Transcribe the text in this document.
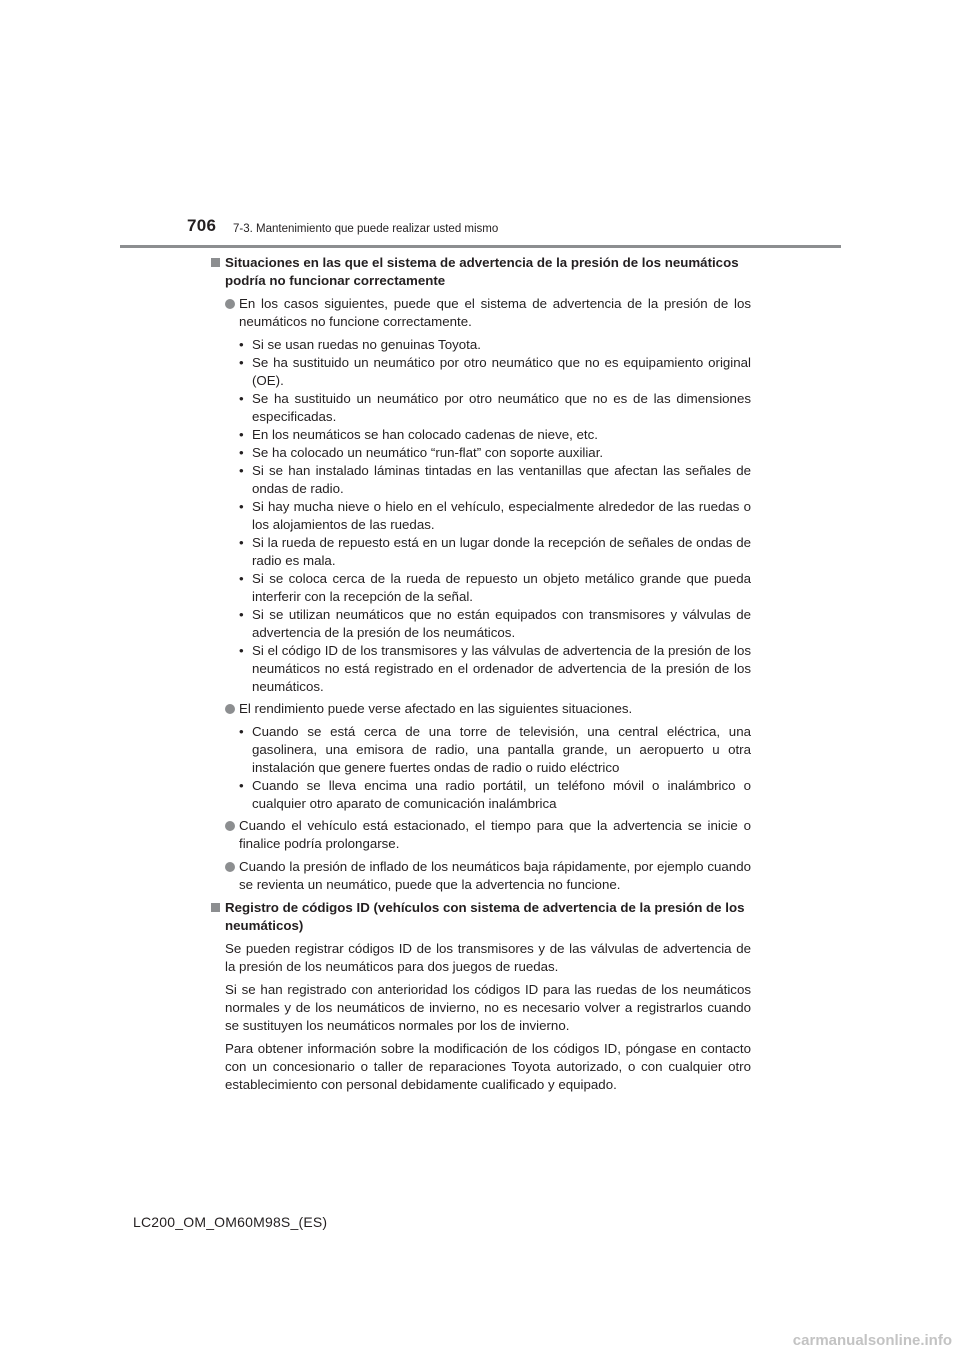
706 7-3. Mantenimiento que puede realizar usted mismo
Situaciones en las que el sistema de advertencia de la presión de los neumáticos podría no funcionar correctamente
En los casos siguientes, puede que el sistema de advertencia de la presión de los neumáticos no funcione correctamente.
• Si se usan ruedas no genuinas Toyota.
• Se ha sustituido un neumático por otro neumático que no es equipamiento original (OE).
• Se ha sustituido un neumático por otro neumático que no es de las dimensiones especificadas.
• En los neumáticos se han colocado cadenas de nieve, etc.
• Se ha colocado un neumático “run-flat” con soporte auxiliar.
• Si se han instalado láminas tintadas en las ventanillas que afectan las señales de ondas de radio.
• Si hay mucha nieve o hielo en el vehículo, especialmente alrededor de las ruedas o los alojamientos de las ruedas.
• Si la rueda de repuesto está en un lugar donde la recepción de señales de ondas de radio es mala.
• Si se coloca cerca de la rueda de repuesto un objeto metálico grande que pueda interferir con la recepción de la señal.
• Si se utilizan neumáticos que no están equipados con transmisores y válvulas de advertencia de la presión de los neumáticos.
• Si el código ID de los transmisores y las válvulas de advertencia de la presión de los neumáticos no está registrado en el ordenador de advertencia de la presión de los neumáticos.
El rendimiento puede verse afectado en las siguientes situaciones.
• Cuando se está cerca de una torre de televisión, una central eléctrica, una gasolinera, una emisora de radio, una pantalla grande, un aeropuerto u otra instalación que genere fuertes ondas de radio o ruido eléctrico
• Cuando se lleva encima una radio portátil, un teléfono móvil o inalámbrico o cualquier otro aparato de comunicación inalámbrica
Cuando el vehículo está estacionado, el tiempo para que la advertencia se inicie o finalice podría prolongarse.
Cuando la presión de inflado de los neumáticos baja rápidamente, por ejemplo cuando se revienta un neumático, puede que la advertencia no funcione.
Registro de códigos ID (vehículos con sistema de advertencia de la presión de los neumáticos)
Se pueden registrar códigos ID de los transmisores y de las válvulas de advertencia de la presión de los neumáticos para dos juegos de ruedas.
Si se han registrado con anterioridad los códigos ID para las ruedas de los neumáticos normales y de los neumáticos de invierno, no es necesario volver a registrarlos cuando se sustituyen los neumáticos normales por los de invierno.
Para obtener información sobre la modificación de los códigos ID, póngase en contacto con un concesionario o taller de reparaciones Toyota autorizado, o con cualquier otro establecimiento con personal debidamente cualificado y equipado.
LC200_OM_OM60M98S_(ES)
carmanualsonline.info
